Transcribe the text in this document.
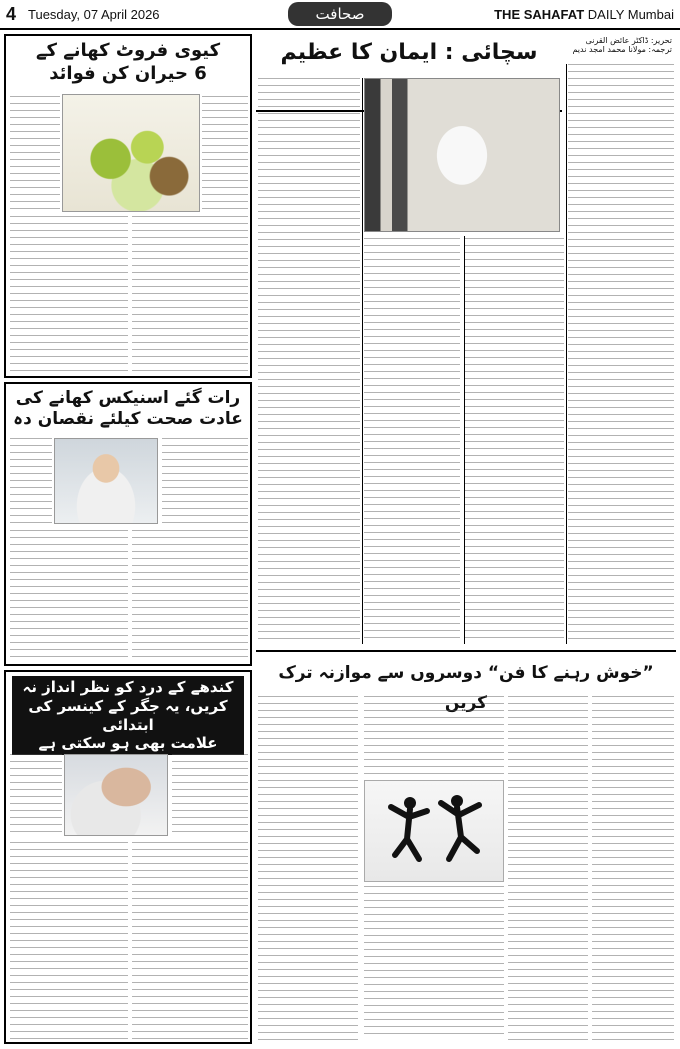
4 Tuesday, 07 April 2026	صحافت	THE SAHAFAT DAILY Mumbai
کیوی فروٹ کھانے کے
6 حیران کن فوائد
رات گئے اسنیکس کھانے کی
عادت صحت کیلئے نقصان دہ
کندھے کے درد کو نظر انداز نہ
کریں، یہ جگر کے کینسر کی ابتدائی
علامت بھی ہو سکتی ہے
سچائی : ایمان کا عظیم	تحریر: ڈاکٹر عائض القرنی
ترجمہ: مولانا محمد امجد ندیم
”خوش رہنے کا فن“ دوسروں سے موازنہ ترک کریں
